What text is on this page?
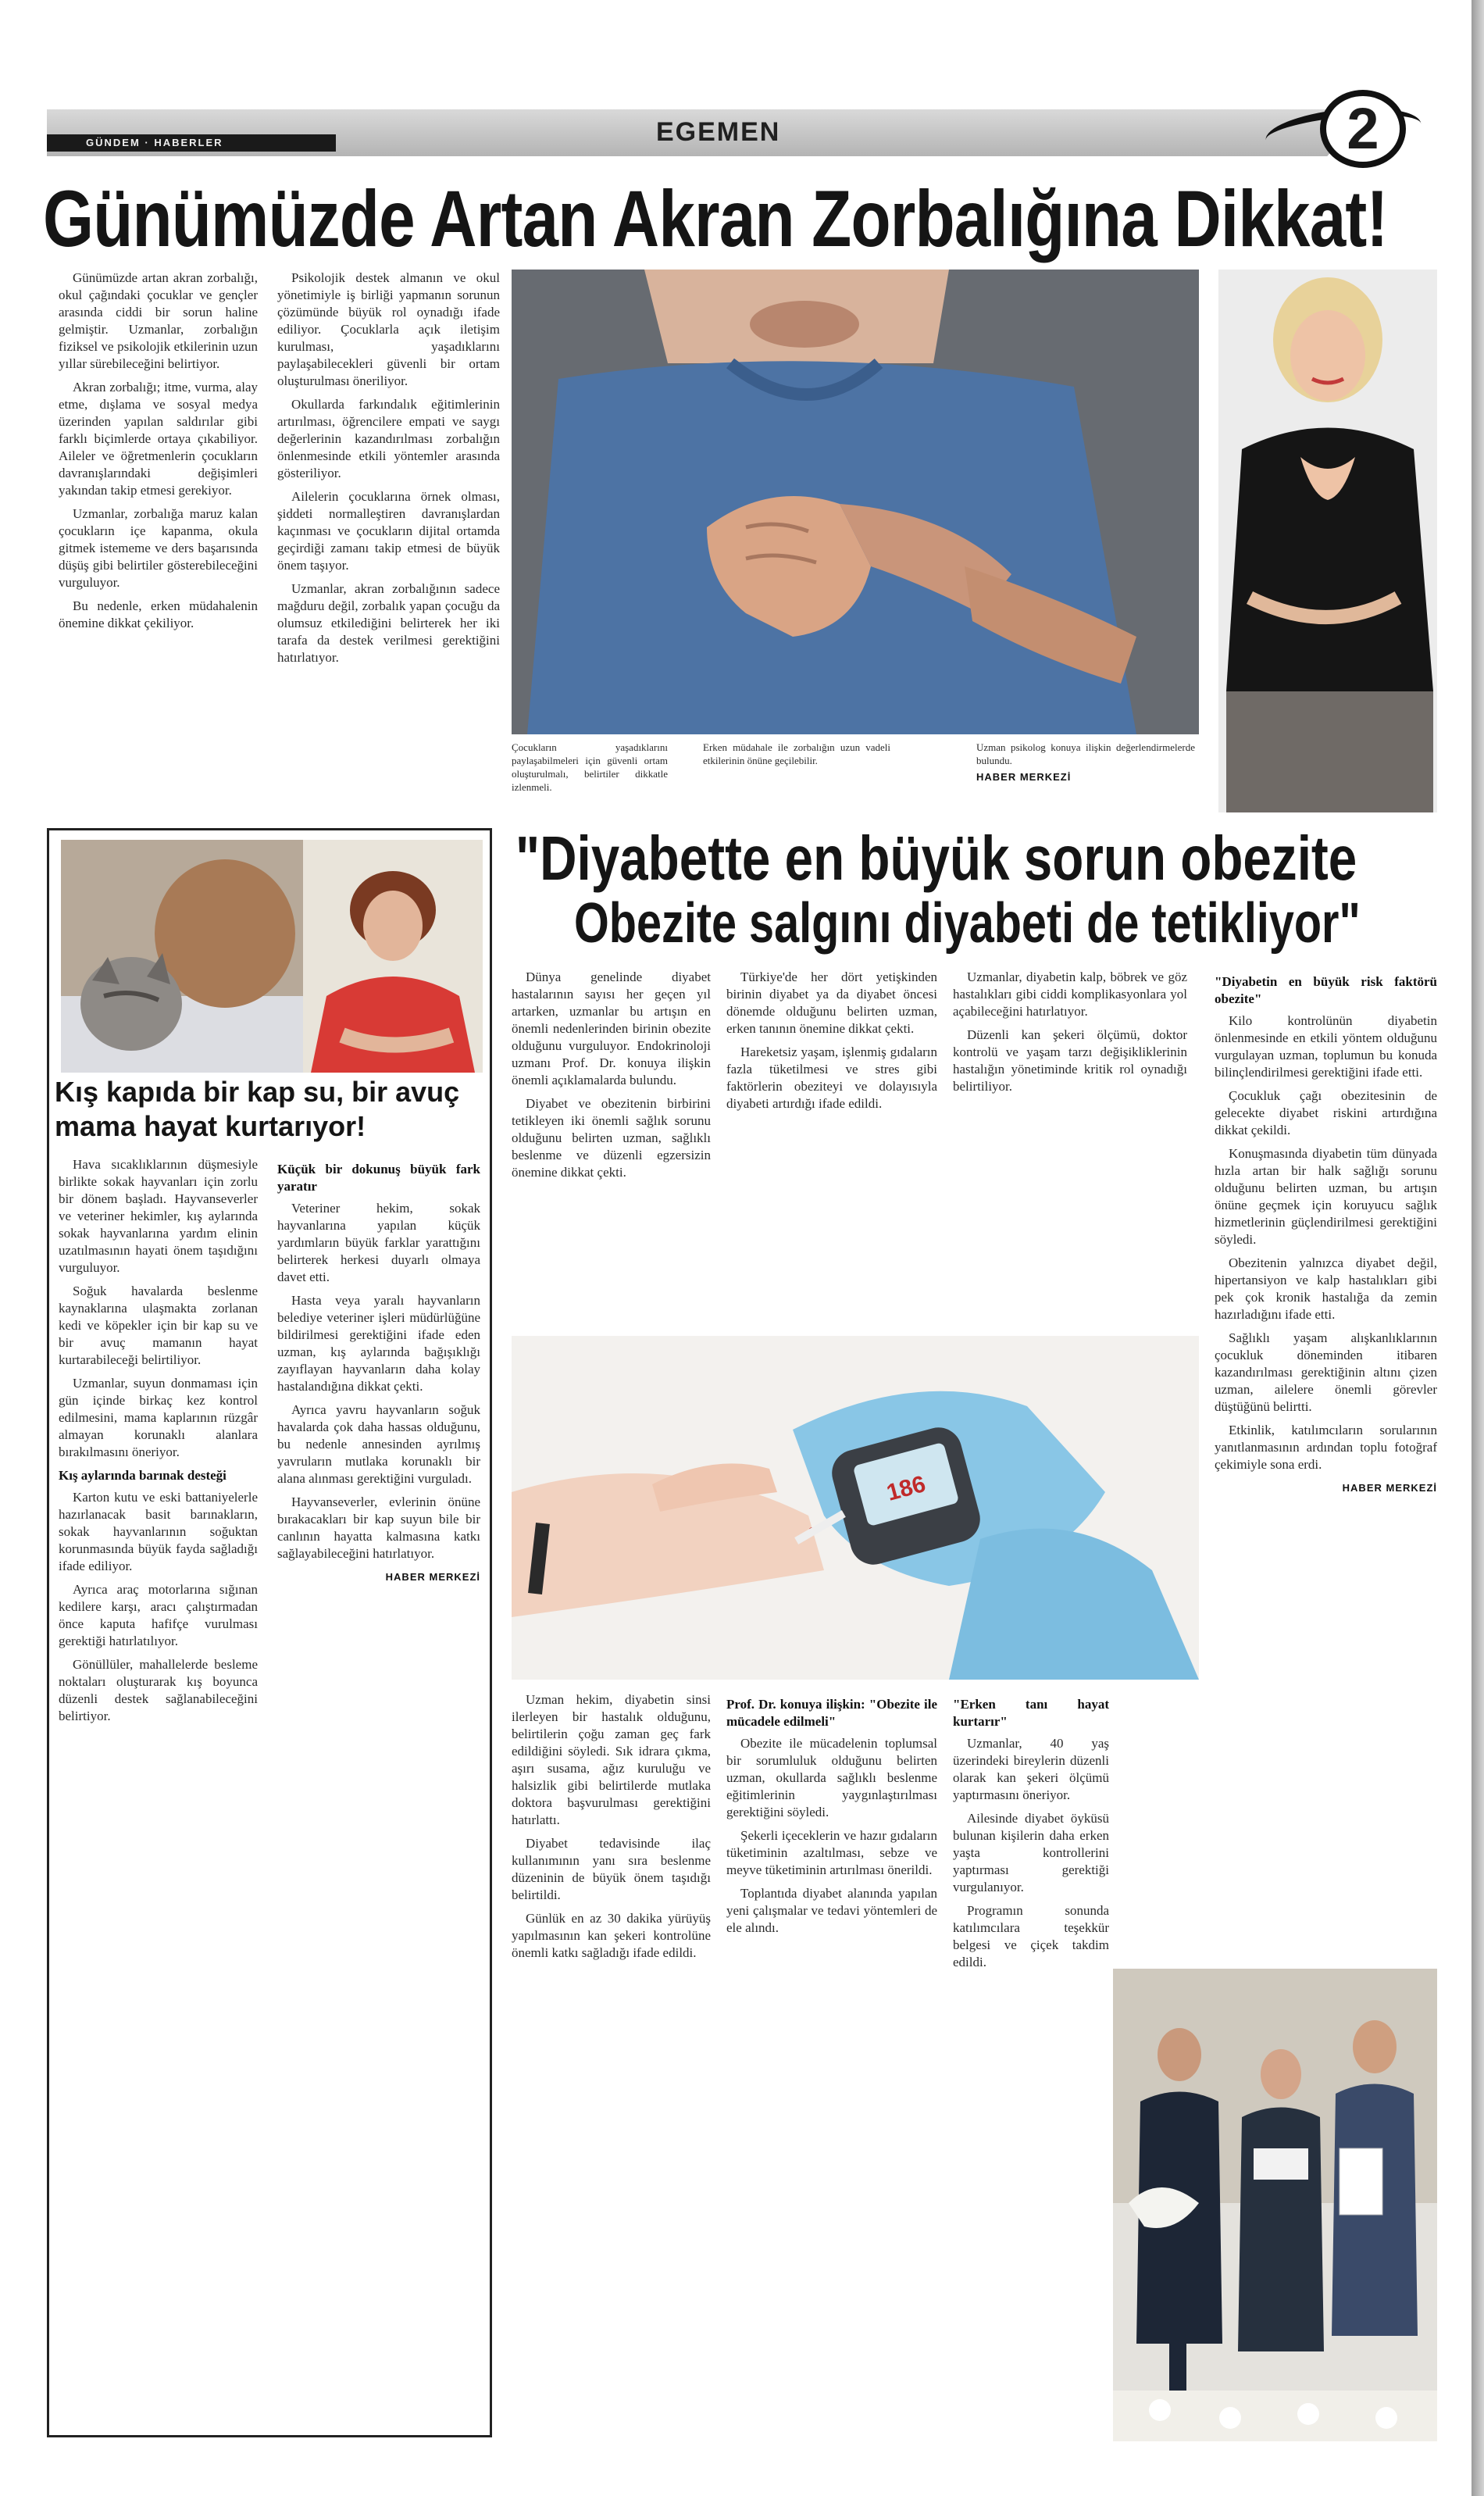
GÜNDEM · HABERLER	EGEMEN	2
Günümüzde Artan Akran Zorbalığına Dikkat!

Günümüzde artan akran zorbalığı, okul çağındaki çocuklar ve gençler arasında ciddi bir sorun haline gelmiştir. Uzmanlar, zorbalığın fiziksel ve psikolojik etkilerinin uzun yıllar sürebileceğini belirtiyor.

Akran zorbalığı; itme, vurma, alay etme, dışlama ve sosyal medya üzerinden yapılan saldırılar gibi farklı biçimlerde ortaya çıkabiliyor. Aileler ve öğretmenlerin çocukların davranışlarındaki değişimleri yakından takip etmesi gerekiyor.

Uzmanlar, zorbalığa maruz kalan çocukların içe kapanma, okula gitmek istememe ve ders başarısında düşüş gibi belirtiler gösterebileceğini vurguluyor.

Bu nedenle, erken müdahalenin önemine dikkat çekiliyor.

Psikolojik destek almanın ve okul yönetimiyle iş birliği yapmanın sorunun çözümünde büyük rol oynadığı ifade ediliyor. Çocuklarla açık iletişim kurulması, yaşadıklarını paylaşabilecekleri güvenli bir ortam oluşturulması öneriliyor.

Okullarda farkındalık eğitimlerinin artırılması, öğrencilere empati ve saygı değerlerinin kazandırılması zorbalığın önlenmesinde etkili yöntemler arasında gösteriliyor.

Ailelerin çocuklarına örnek olması, şiddeti normalleştiren davranışlardan kaçınması ve çocukların dijital ortamda geçirdiği zamanı takip etmesi de büyük önem taşıyor.

Uzmanlar, akran zorbalığının sadece mağduru değil, zorbalık yapan çocuğu da olumsuz etkilediğini belirterek her iki tarafa da destek verilmesi gerektiğini hatırlatıyor.

Çocukların yaşadıklarını paylaşabilmeleri için güvenli ortam oluşturulmalı, belirtiler dikkatle izlenmeli.
Erken müdahale ile zorbalığın uzun vadeli etkilerinin önüne geçilebilir.
Uzman psikolog konuya ilişkin değerlendirmelerde bulundu.
HABER MERKEZİ
Kış kapıda bir kap su, bir avuç mama hayat kurtarıyor!

Hava sıcaklıklarının düşmesiyle birlikte sokak hayvanları için zorlu bir dönem başladı. Hayvanseverler ve veteriner hekimler, kış aylarında sokak hayvanlarına yardım elinin uzatılmasının hayati önem taşıdığını vurguluyor.

Soğuk havalarda beslenme kaynaklarına ulaşmakta zorlanan kedi ve köpekler için bir kap su ve bir avuç mamanın hayat kurtarabileceği belirtiliyor.

Uzmanlar, suyun donmaması için gün içinde birkaç kez kontrol edilmesini, mama kaplarının rüzgâr almayan korunaklı alanlara bırakılmasını öneriyor.

Kış aylarında barınak desteği

Karton kutu ve eski battaniyelerle hazırlanacak basit barınakların, sokak hayvanlarının soğuktan korunmasında büyük fayda sağladığı ifade ediliyor.

Ayrıca araç motorlarına sığınan kedilere karşı, aracı çalıştırmadan önce kaputa hafifçe vurulması gerektiği hatırlatılıyor.

Gönüllüler, mahallelerde besleme noktaları oluşturarak kış boyunca düzenli destek sağlanabileceğini belirtiyor.

Küçük bir dokunuş büyük fark yaratır

Veteriner hekim, sokak hayvanlarına yapılan küçük yardımların büyük farklar yarattığını belirterek herkesi duyarlı olmaya davet etti.

Hasta veya yaralı hayvanların belediye veteriner işleri müdürlüğüne bildirilmesi gerektiğini ifade eden uzman, kış aylarında bağışıklığı zayıflayan hayvanların daha kolay hastalandığına dikkat çekti.

Ayrıca yavru hayvanların soğuk havalarda çok daha hassas olduğunu, bu nedenle annesinden ayrılmış yavruların mutlaka korunaklı bir alana alınması gerektiğini vurguladı.

Hayvanseverler, evlerinin önüne bırakacakları bir kap suyun bile bir canlının hayatta kalmasına katkı sağlayabileceğini hatırlatıyor.

HABER MERKEZİ
"Diyabette en büyük sorun obezite
Obezite salgını diyabeti de tetikliyor"

Dünya genelinde diyabet hastalarının sayısı her geçen yıl artarken, uzmanlar bu artışın en önemli nedenlerinden birinin obezite olduğunu vurguluyor. Endokrinoloji uzmanı Prof. Dr. konuya ilişkin önemli açıklamalarda bulundu.

Diyabet ve obezitenin birbirini tetikleyen iki önemli sağlık sorunu olduğunu belirten uzman, sağlıklı beslenme ve düzenli egzersizin önemine dikkat çekti.

Türkiye'de her dört yetişkinden birinin diyabet ya da diyabet öncesi dönemde olduğunu belirten uzman, erken tanının önemine dikkat çekti.

Hareketsiz yaşam, işlenmiş gıdaların fazla tüketilmesi ve stres gibi faktörlerin obeziteyi ve dolayısıyla diyabeti artırdığı ifade edildi.

Uzmanlar, diyabetin kalp, böbrek ve göz hastalıkları gibi ciddi komplikasyonlara yol açabileceğini hatırlatıyor.

Düzenli kan şekeri ölçümü, doktor kontrolü ve yaşam tarzı değişikliklerinin hastalığın yönetiminde kritik rol oynadığı belirtiliyor.

186
"Diyabetin en büyük risk faktörü obezite"

Kilo kontrolünün diyabetin önlenmesinde en etkili yöntem olduğunu vurgulayan uzman, toplumun bu konuda bilinçlendirilmesi gerektiğini ifade etti.

Çocukluk çağı obezitesinin de gelecekte diyabet riskini artırdığına dikkat çekildi.

Konuşmasında diyabetin tüm dünyada hızla artan bir halk sağlığı sorunu olduğunu belirten uzman, bu artışın önüne geçmek için koruyucu sağlık hizmetlerinin güçlendirilmesi gerektiğini söyledi.

Obezitenin yalnızca diyabet değil, hipertansiyon ve kalp hastalıkları gibi pek çok kronik hastalığa da zemin hazırladığını ifade etti.

Sağlıklı yaşam alışkanlıklarının çocukluk döneminden itibaren kazandırılması gerektiğinin altını çizen uzman, ailelere önemli görevler düştüğünü belirtti.

Etkinlik, katılımcıların sorularının yanıtlanmasının ardından toplu fotoğraf çekimiyle sona erdi.

HABER MERKEZİ

Uzman hekim, diyabetin sinsi ilerleyen bir hastalık olduğunu, belirtilerin çoğu zaman geç fark edildiğini söyledi. Sık idrara çıkma, aşırı susama, ağız kuruluğu ve halsizlik gibi belirtilerde mutlaka doktora başvurulması gerektiğini hatırlattı.

Diyabet tedavisinde ilaç kullanımının yanı sıra beslenme düzeninin de büyük önem taşıdığı belirtildi.

Günlük en az 30 dakika yürüyüş yapılmasının kan şekeri kontrolüne önemli katkı sağladığı ifade edildi.

Prof. Dr. konuya ilişkin: "Obezite ile mücadele edilmeli"

Obezite ile mücadelenin toplumsal bir sorumluluk olduğunu belirten uzman, okullarda sağlıklı beslenme eğitimlerinin yaygınlaştırılması gerektiğini söyledi.

Şekerli içeceklerin ve hazır gıdaların tüketiminin azaltılması, sebze ve meyve tüketiminin artırılması önerildi.

Toplantıda diyabet alanında yapılan yeni çalışmalar ve tedavi yöntemleri de ele alındı.

"Erken tanı hayat kurtarır"

Uzmanlar, 40 yaş üzerindeki bireylerin düzenli olarak kan şekeri ölçümü yaptırmasını öneriyor.

Ailesinde diyabet öyküsü bulunan kişilerin daha erken yaşta kontrollerini yaptırması gerektiği vurgulanıyor.

Programın sonunda katılımcılara teşekkür belgesi ve çiçek takdim edildi.
